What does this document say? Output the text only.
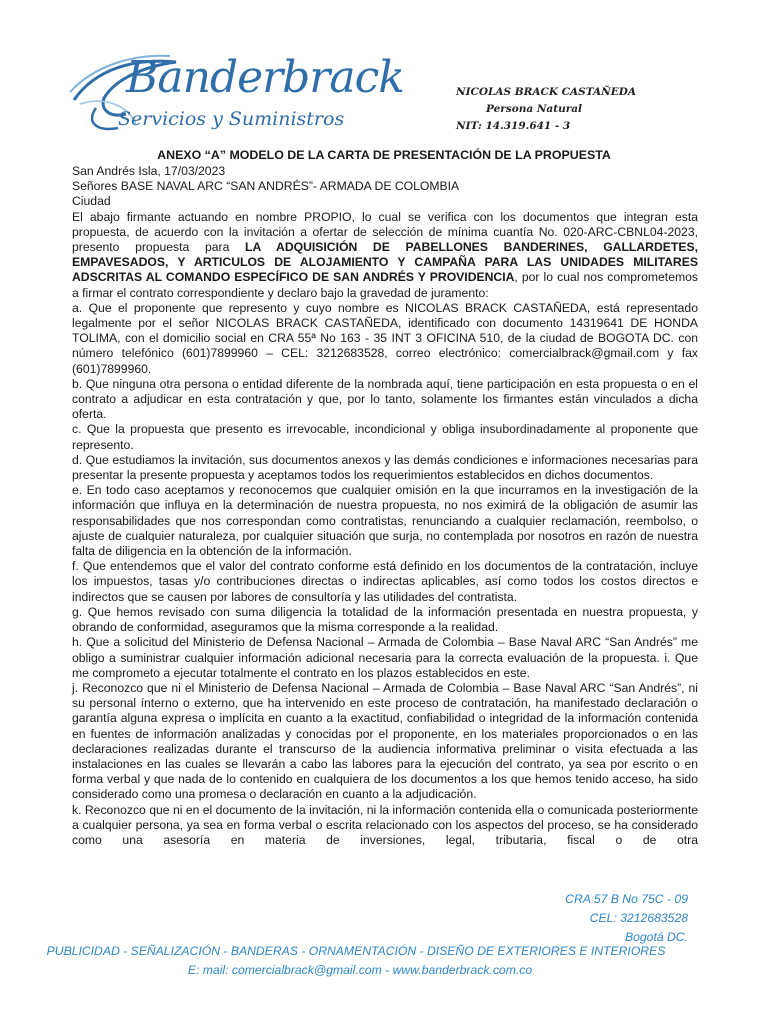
Banderbrack
Servicios y Suministros
NICOLAS BRACK CASTAÑEDA
Persona Natural
NIT: 14.319.641 - 3
ANEXO “A” MODELO DE LA CARTA DE PRESENTACIÓN DE LA PROPUESTA
San Andrés Isla, 17/03/2023
Señores BASE NAVAL ARC “SAN ANDRÉS”- ARMADA DE COLOMBIA
Ciudad
El abajo firmante actuando en nombre PROPIO, lo cual se verifica con los documentos que integran esta propuesta, de acuerdo con la invitación a ofertar de selección de mínima cuantía No. 020-ARC-CBNL04-2023, presento propuesta para LA ADQUISICIÓN DE PABELLONES BANDERINES, GALLARDETES, EMPAVESADOS, Y ARTICULOS DE ALOJAMIENTO Y CAMPAÑA PARA LAS UNIDADES MILITARES ADSCRITAS AL COMANDO ESPECÍFICO DE SAN ANDRÉS Y PROVIDENCIA, por lo cual nos comprometemos a firmar el contrato correspondiente y declaro bajo la gravedad de juramento:
a. Que el proponente que represento y cuyo nombre es NICOLAS BRACK CASTAÑEDA, está representado legalmente por el señor NICOLAS BRACK CASTAÑEDA, identificado con documento 14319641 DE HONDA TOLIMA, con el domicilio social en CRA 55ª No 163 - 35 INT 3 OFICINA 510, de la ciudad de BOGOTA DC. con número telefónico (601)7899960 – CEL: 3212683528, correo electrónico: comercialbrack@gmail.com y fax (601)7899960.
b. Que ninguna otra persona o entidad diferente de la nombrada aquí, tiene participación en esta propuesta o en el contrato a adjudicar en esta contratación y que, por lo tanto, solamente los firmantes están vinculados a dicha oferta.
c. Que la propuesta que presento es irrevocable, incondicional y obliga insubordinadamente al proponente que represento.
d. Que estudiamos la invitación, sus documentos anexos y las demás condiciones e informaciones necesarias para presentar la presente propuesta y aceptamos todos los requerimientos establecidos en dichos documentos.
e. En todo caso aceptamos y reconocemos que cualquier omisión en la que incurramos en la investigación de la información que influya en la determinación de nuestra propuesta, no nos eximirá de la obligación de asumir las responsabilidades que nos correspondan como contratistas, renunciando a cualquier reclamación, reembolso, o ajuste de cualquier naturaleza, por cualquier situación que surja, no contemplada por nosotros en razón de nuestra falta de diligencia en la obtención de la información.
f. Que entendemos que el valor del contrato conforme está definido en los documentos de la contratación, incluye los impuestos, tasas y/o contribuciones directas o indirectas aplicables, así como todos los costos directos e indirectos que se causen por labores de consultoría y las utilidades del contratista.
g. Que hemos revisado con suma diligencia la totalidad de la información presentada en nuestra propuesta, y obrando de conformidad, aseguramos que la misma corresponde a la realidad.
h. Que a solicitud del Ministerio de Defensa Nacional – Armada de Colombia – Base Naval ARC “San Andrés” me obligo a suministrar cualquier información adicional necesaria para la correcta evaluación de la propuesta. i. Que me comprometo a ejecutar totalmente el contrato en los plazos establecidos en este.
j. Reconozco que ni el Ministerio de Defensa Nacional – Armada de Colombia – Base Naval ARC “San Andrés”, ni su personal ínterno o externo, que ha intervenido en este proceso de contratación, ha manifestado declaración o garantía alguna expresa o implícita en cuanto a la exactitud, confiabilidad o integridad de la información contenida en fuentes de información analizadas y conocidas por el proponente, en los materiales proporcionados o en las declaraciones realizadas durante el transcurso de la audiencia informativa preliminar o visita efectuada a las instalaciones en las cuales se llevarán a cabo las labores para la ejecución del contrato, ya sea por escrito o en forma verbal y que nada de lo contenido en cualquiera de los documentos a los que hemos tenido acceso, ha sido considerado como una promesa o declaración en cuanto a la adjudicación.
k. Reconozco que ni en el documento de la invitación, ni la información contenida ella o comunicada posteriormente a cualquier persona, ya sea en forma verbal o escrita relacionado con los aspectos del proceso, se ha considerado como una asesoría en materia de inversiones, legal, tributaria, fiscal o de otra
CRA 57 B No 75C - 09
CEL: 3212683528
Bogotá DC.
PUBLICIDAD - SEÑALIZACIÓN - BANDERAS - ORNAMENTACIÓN - DISEÑO DE EXTERIORES E INTERIORES
E: mail: comercialbrack@gmail.com - www.banderbrack.com.co
